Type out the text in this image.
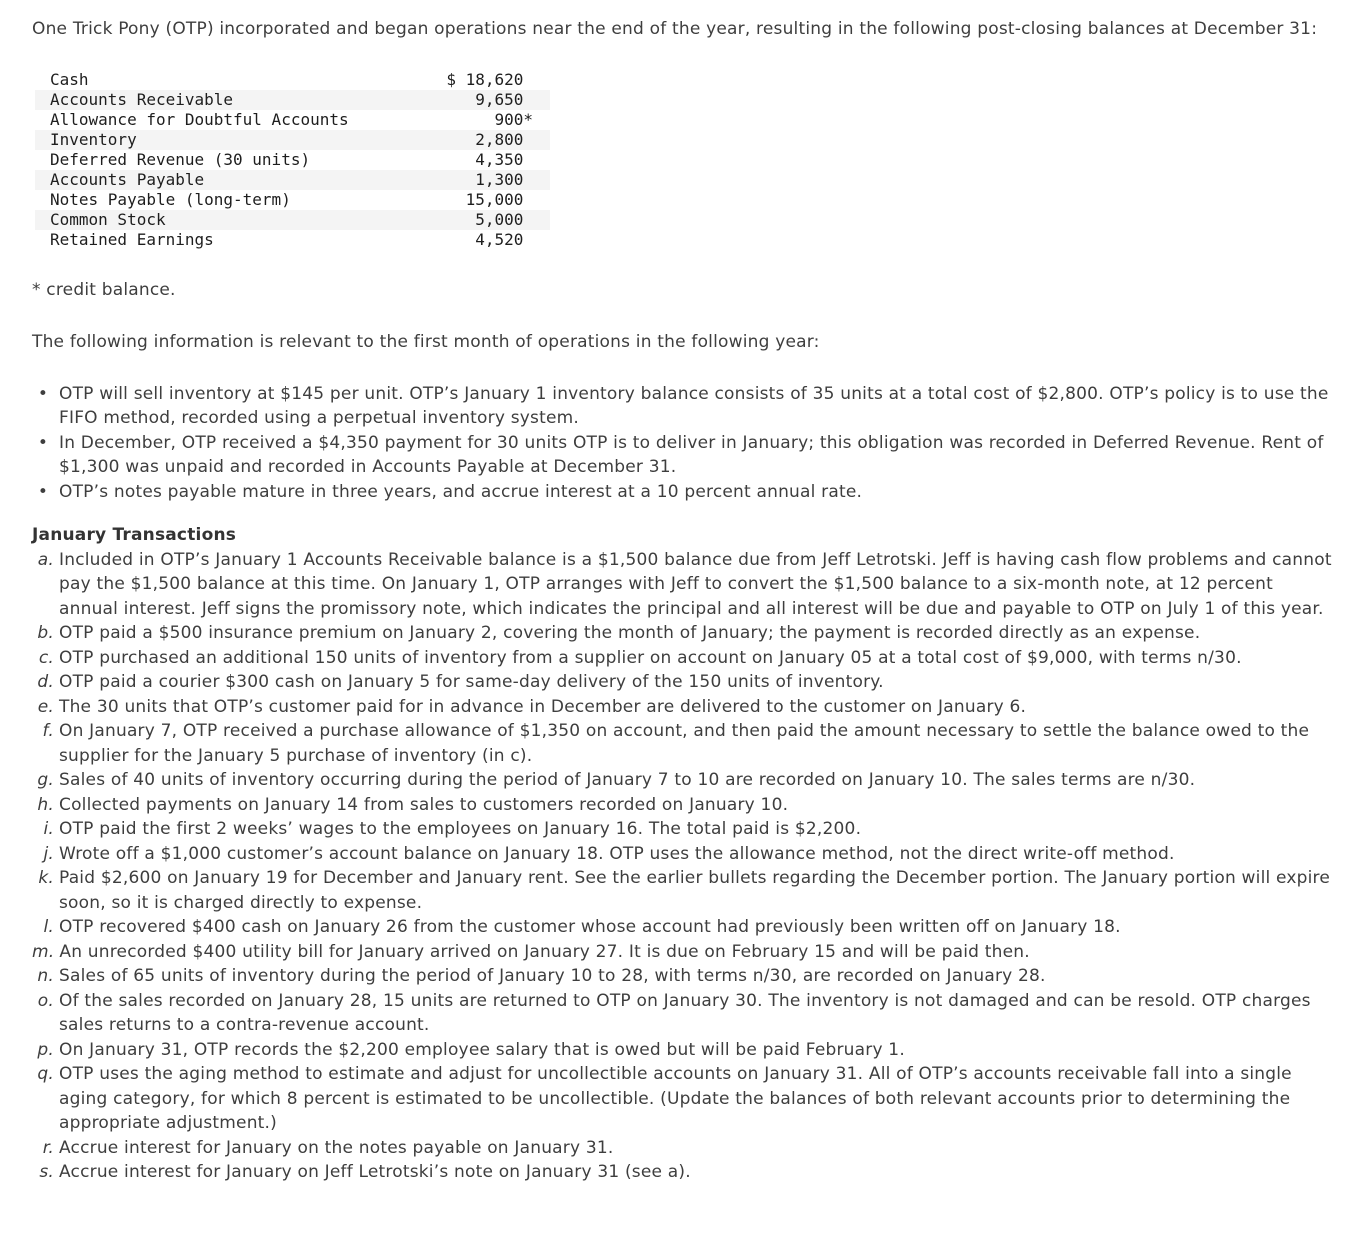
One Trick Pony (OTP) incorporated and began operations near the end of the year, resulting in the following post-closing balances at December 31:

Cash	$ 18,620
Accounts Receivable	9,650
Allowance for Doubtful Accounts	900 *
Inventory	2,800
Deferred Revenue (30 units)	4,350
Accounts Payable	1,300
Notes Payable (long-term)	15,000
Common Stock	5,000
Retained Earnings	4,520

* credit balance.

The following information is relevant to the first month of operations in the following year:

• OTP will sell inventory at $145 per unit. OTP’s January 1 inventory balance consists of 35 units at a total cost of $2,800. OTP’s policy is to use the FIFO method, recorded using a perpetual inventory system.
• In December, OTP received a $4,350 payment for 30 units OTP is to deliver in January; this obligation was recorded in Deferred Revenue. Rent of $1,300 was unpaid and recorded in Accounts Payable at December 31.
• OTP’s notes payable mature in three years, and accrue interest at a 10 percent annual rate.
January Transactions
a. Included in OTP’s January 1 Accounts Receivable balance is a $1,500 balance due from Jeff Letrotski. Jeff is having cash flow problems and cannot pay the $1,500 balance at this time. On January 1, OTP arranges with Jeff to convert the $1,500 balance to a six-month note, at 12 percent annual interest. Jeff signs the promissory note, which indicates the principal and all interest will be due and payable to OTP on July 1 of this year.
b. OTP paid a $500 insurance premium on January 2, covering the month of January; the payment is recorded directly as an expense.
c. OTP purchased an additional 150 units of inventory from a supplier on account on January 05 at a total cost of $9,000, with terms n/30.
d. OTP paid a courier $300 cash on January 5 for same-day delivery of the 150 units of inventory.
e. The 30 units that OTP’s customer paid for in advance in December are delivered to the customer on January 6.
f. On January 7, OTP received a purchase allowance of $1,350 on account, and then paid the amount necessary to settle the balance owed to the supplier for the January 5 purchase of inventory (in c).
g. Sales of 40 units of inventory occurring during the period of January 7 to 10 are recorded on January 10. The sales terms are n/30.
h. Collected payments on January 14 from sales to customers recorded on January 10.
i. OTP paid the first 2 weeks’ wages to the employees on January 16. The total paid is $2,200.
j. Wrote off a $1,000 customer’s account balance on January 18. OTP uses the allowance method, not the direct write-off method.
k. Paid $2,600 on January 19 for December and January rent. See the earlier bullets regarding the December portion. The January portion will expire soon, so it is charged directly to expense.
l. OTP recovered $400 cash on January 26 from the customer whose account had previously been written off on January 18.
m. An unrecorded $400 utility bill for January arrived on January 27. It is due on February 15 and will be paid then.
n. Sales of 65 units of inventory during the period of January 10 to 28, with terms n/30, are recorded on January 28.
o. Of the sales recorded on January 28, 15 units are returned to OTP on January 30. The inventory is not damaged and can be resold. OTP charges sales returns to a contra-revenue account.
p. On January 31, OTP records the $2,200 employee salary that is owed but will be paid February 1.
q. OTP uses the aging method to estimate and adjust for uncollectible accounts on January 31. All of OTP’s accounts receivable fall into a single aging category, for which 8 percent is estimated to be uncollectible. (Update the balances of both relevant accounts prior to determining the appropriate adjustment.)
r. Accrue interest for January on the notes payable on January 31.
s. Accrue interest for January on Jeff Letrotski’s note on January 31 (see a).
